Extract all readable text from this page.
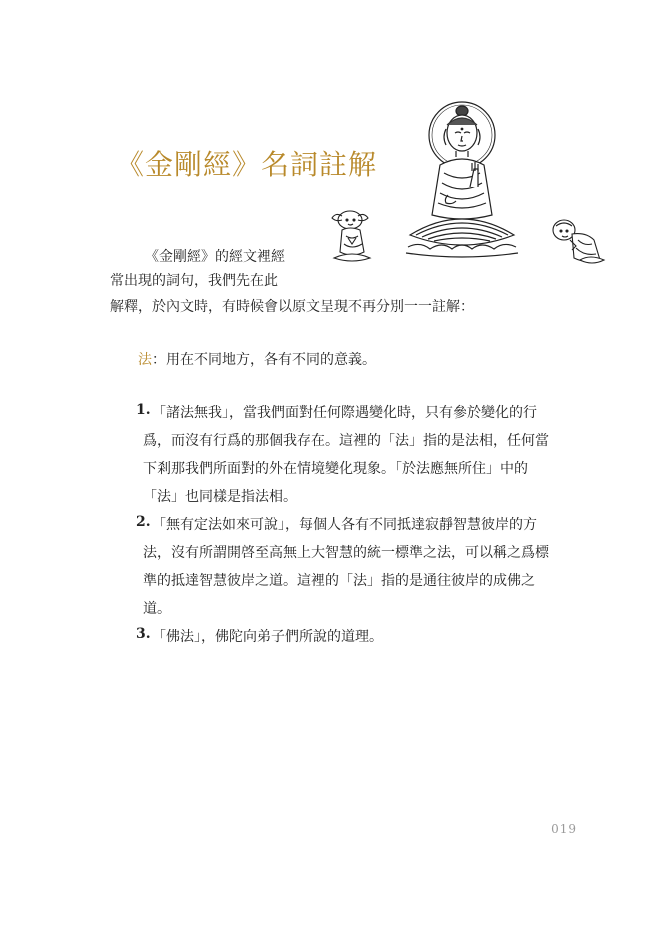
《金剛經》名詞註解
《金剛經》的經文裡經
常出現的詞句，我們先在此
解釋，於內文時，有時候會以原文呈現不再分別一一註解：
法：用在不同地方，各有不同的意義。
1. 「諸法無我」，當我們面對任何際遇變化時，只有參於變化的行
爲，而沒有行爲的那個我存在。這裡的「法」指的是法相，任何當
下剎那我們所面對的外在情境變化現象。「於法應無所住」中的
「法」也同樣是指法相。
2. 「無有定法如來可說」，每個人各有不同抵達寂靜智慧彼岸的方
法，沒有所謂開啓至高無上大智慧的統一標準之法，可以稱之爲標
準的抵達智慧彼岸之道。這裡的「法」指的是通往彼岸的成佛之
道。
3. 「佛法」，佛陀向弟子們所說的道理。
019
